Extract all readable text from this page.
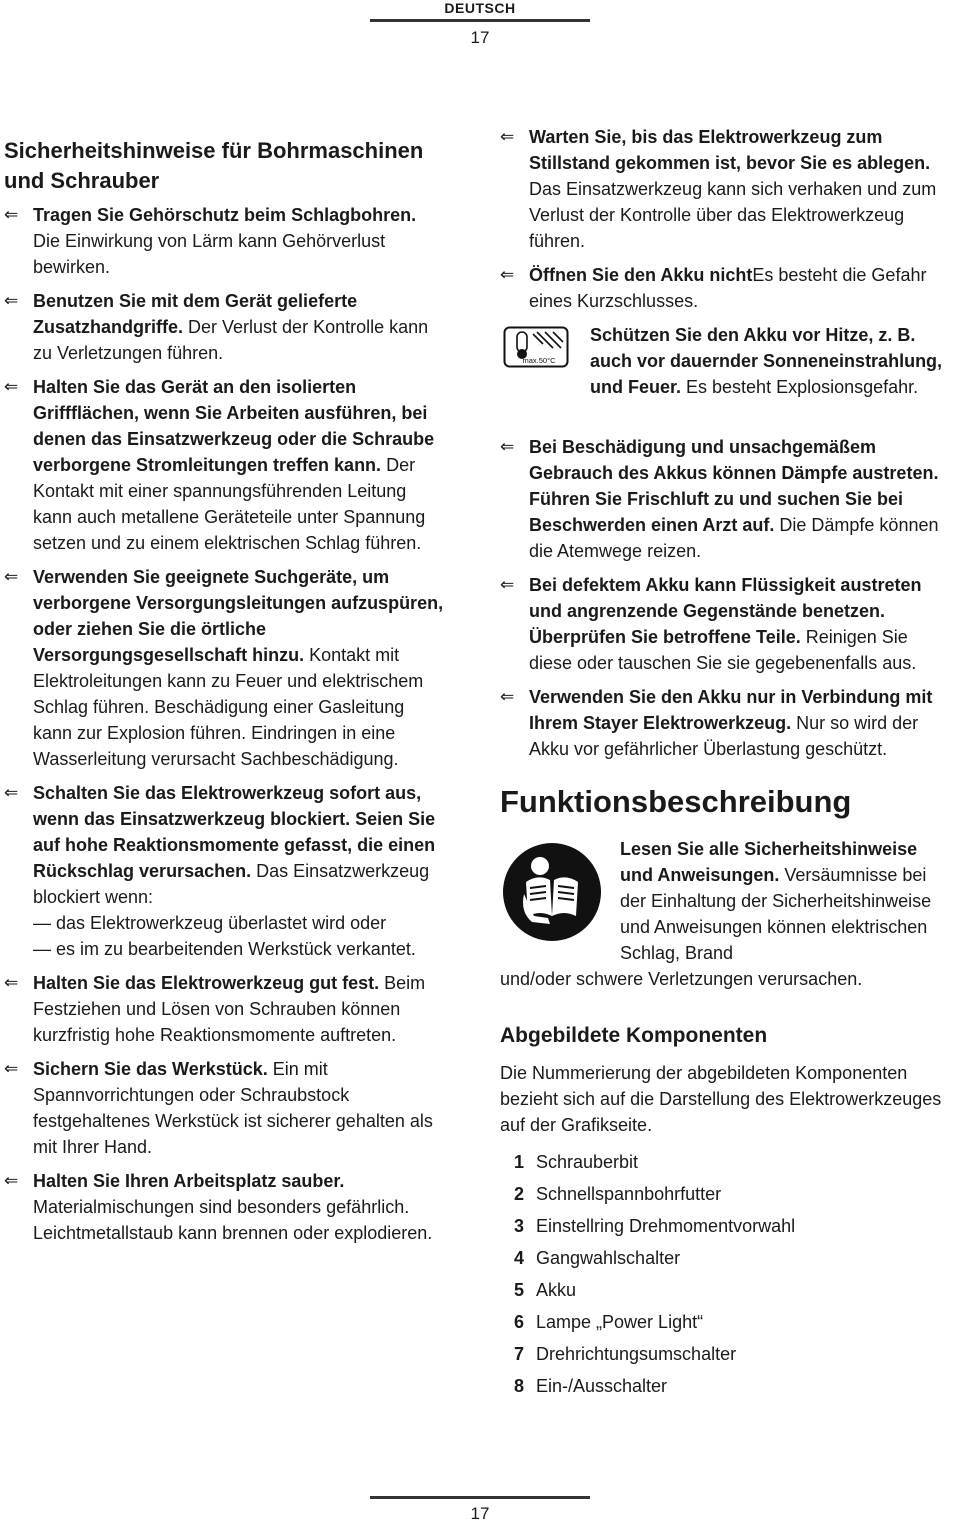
DEUTSCH
17
Sicherheitshinweise für Bohrmaschinen und Schrauber
⇐ Tragen Sie Gehörschutz beim Schlagbohren. Die Einwirkung von Lärm kann Gehörverlust bewirken.
⇐ Benutzen Sie mit dem Gerät gelieferte Zusatzhandgriffe. Der Verlust der Kontrolle kann zu Verletzungen führen.
⇐ Halten Sie das Gerät an den isolierten Griffflächen, wenn Sie Arbeiten ausführen, bei denen das Einsatzwerkzeug oder die Schraube verborgene Stromleitungen treffen kann. Der Kontakt mit einer spannungsführenden Leitung kann auch metallene Geräteteile unter Spannung setzen und zu einem elektrischen Schlag führen.
⇐ Verwenden Sie geeignete Suchgeräte, um verborgene Versorgungsleitungen aufzuspüren, oder ziehen Sie die örtliche Versorgungsgesellschaft hinzu. Kontakt mit Elektroleitungen kann zu Feuer und elektrischem Schlag führen. Beschädigung einer Gasleitung kann zur Explosion führen. Eindringen in eine Wasserleitung verursacht Sachbeschädigung.
⇐ Schalten Sie das Elektrowerkzeug sofort aus, wenn das Einsatzwerkzeug blockiert. Seien Sie auf hohe Reaktionsmomente gefasst, die einen Rückschlag verursachen. Das Einsatzwerkzeug blockiert wenn:
— das Elektrowerkzeug überlastet wird oder
— es im zu bearbeitenden Werkstück verkantet.
⇐ Halten Sie das Elektrowerkzeug gut fest. Beim Festziehen und Lösen von Schrauben können kurzfristig hohe Reaktionsmomente auftreten.
⇐ Sichern Sie das Werkstück. Ein mit Spannvorrichtungen oder Schraubstock festgehaltenes Werkstück ist sicherer gehalten als mit Ihrer Hand.
⇐ Halten Sie Ihren Arbeitsplatz sauber. Materialmischungen sind besonders gefährlich. Leichtmetallstaub kann brennen oder explodieren.
⇐ Warten Sie, bis das Elektrowerkzeug zum Stillstand gekommen ist, bevor Sie es ablegen. Das Einsatzwerkzeug kann sich verhaken und zum Verlust der Kontrolle über das Elektrowerkzeug führen.
⇐ Öffnen Sie den Akku nichtEs besteht die Gefahr eines Kurzschlusses.
max.50°C
Schützen Sie den Akku vor Hitze, z. B. auch vor dauernder Sonneneinstrahlung, und Feuer. Es besteht Explosionsgefahr.
⇐ Bei Beschädigung und unsachgemäßem Gebrauch des Akkus können Dämpfe austreten. Führen Sie Frischluft zu und suchen Sie bei Beschwerden einen Arzt auf. Die Dämpfe können die Atemwege reizen.
⇐ Bei defektem Akku kann Flüssigkeit austreten und angrenzende Gegenstände benetzen. Überprüfen Sie betroffene Teile. Reinigen Sie diese oder tauschen Sie sie gegebenenfalls aus.
⇐ Verwenden Sie den Akku nur in Verbindung mit Ihrem Stayer Elektrowerkzeug. Nur so wird der Akku vor gefährlicher Überlastung geschützt.
Funktionsbeschreibung
Lesen Sie alle Sicherheitshinweise und Anweisungen. Versäumnisse bei der Einhaltung der Sicherheitshinweise und Anweisungen können elektrischen Schlag, Brand
und/oder schwere Verletzungen verursachen.
Abgebildete Komponenten
Die Nummerierung der abgebildeten Komponenten bezieht sich auf die Darstellung des Elektrowerkzeuges auf der Grafikseite.
1 Schrauberbit
2 Schnellspannbohrfutter
3 Einstellring Drehmomentvorwahl
4 Gangwahlschalter
5 Akku
6 Lampe „Power Light“
7 Drehrichtungsumschalter
8 Ein-/Ausschalter
17
